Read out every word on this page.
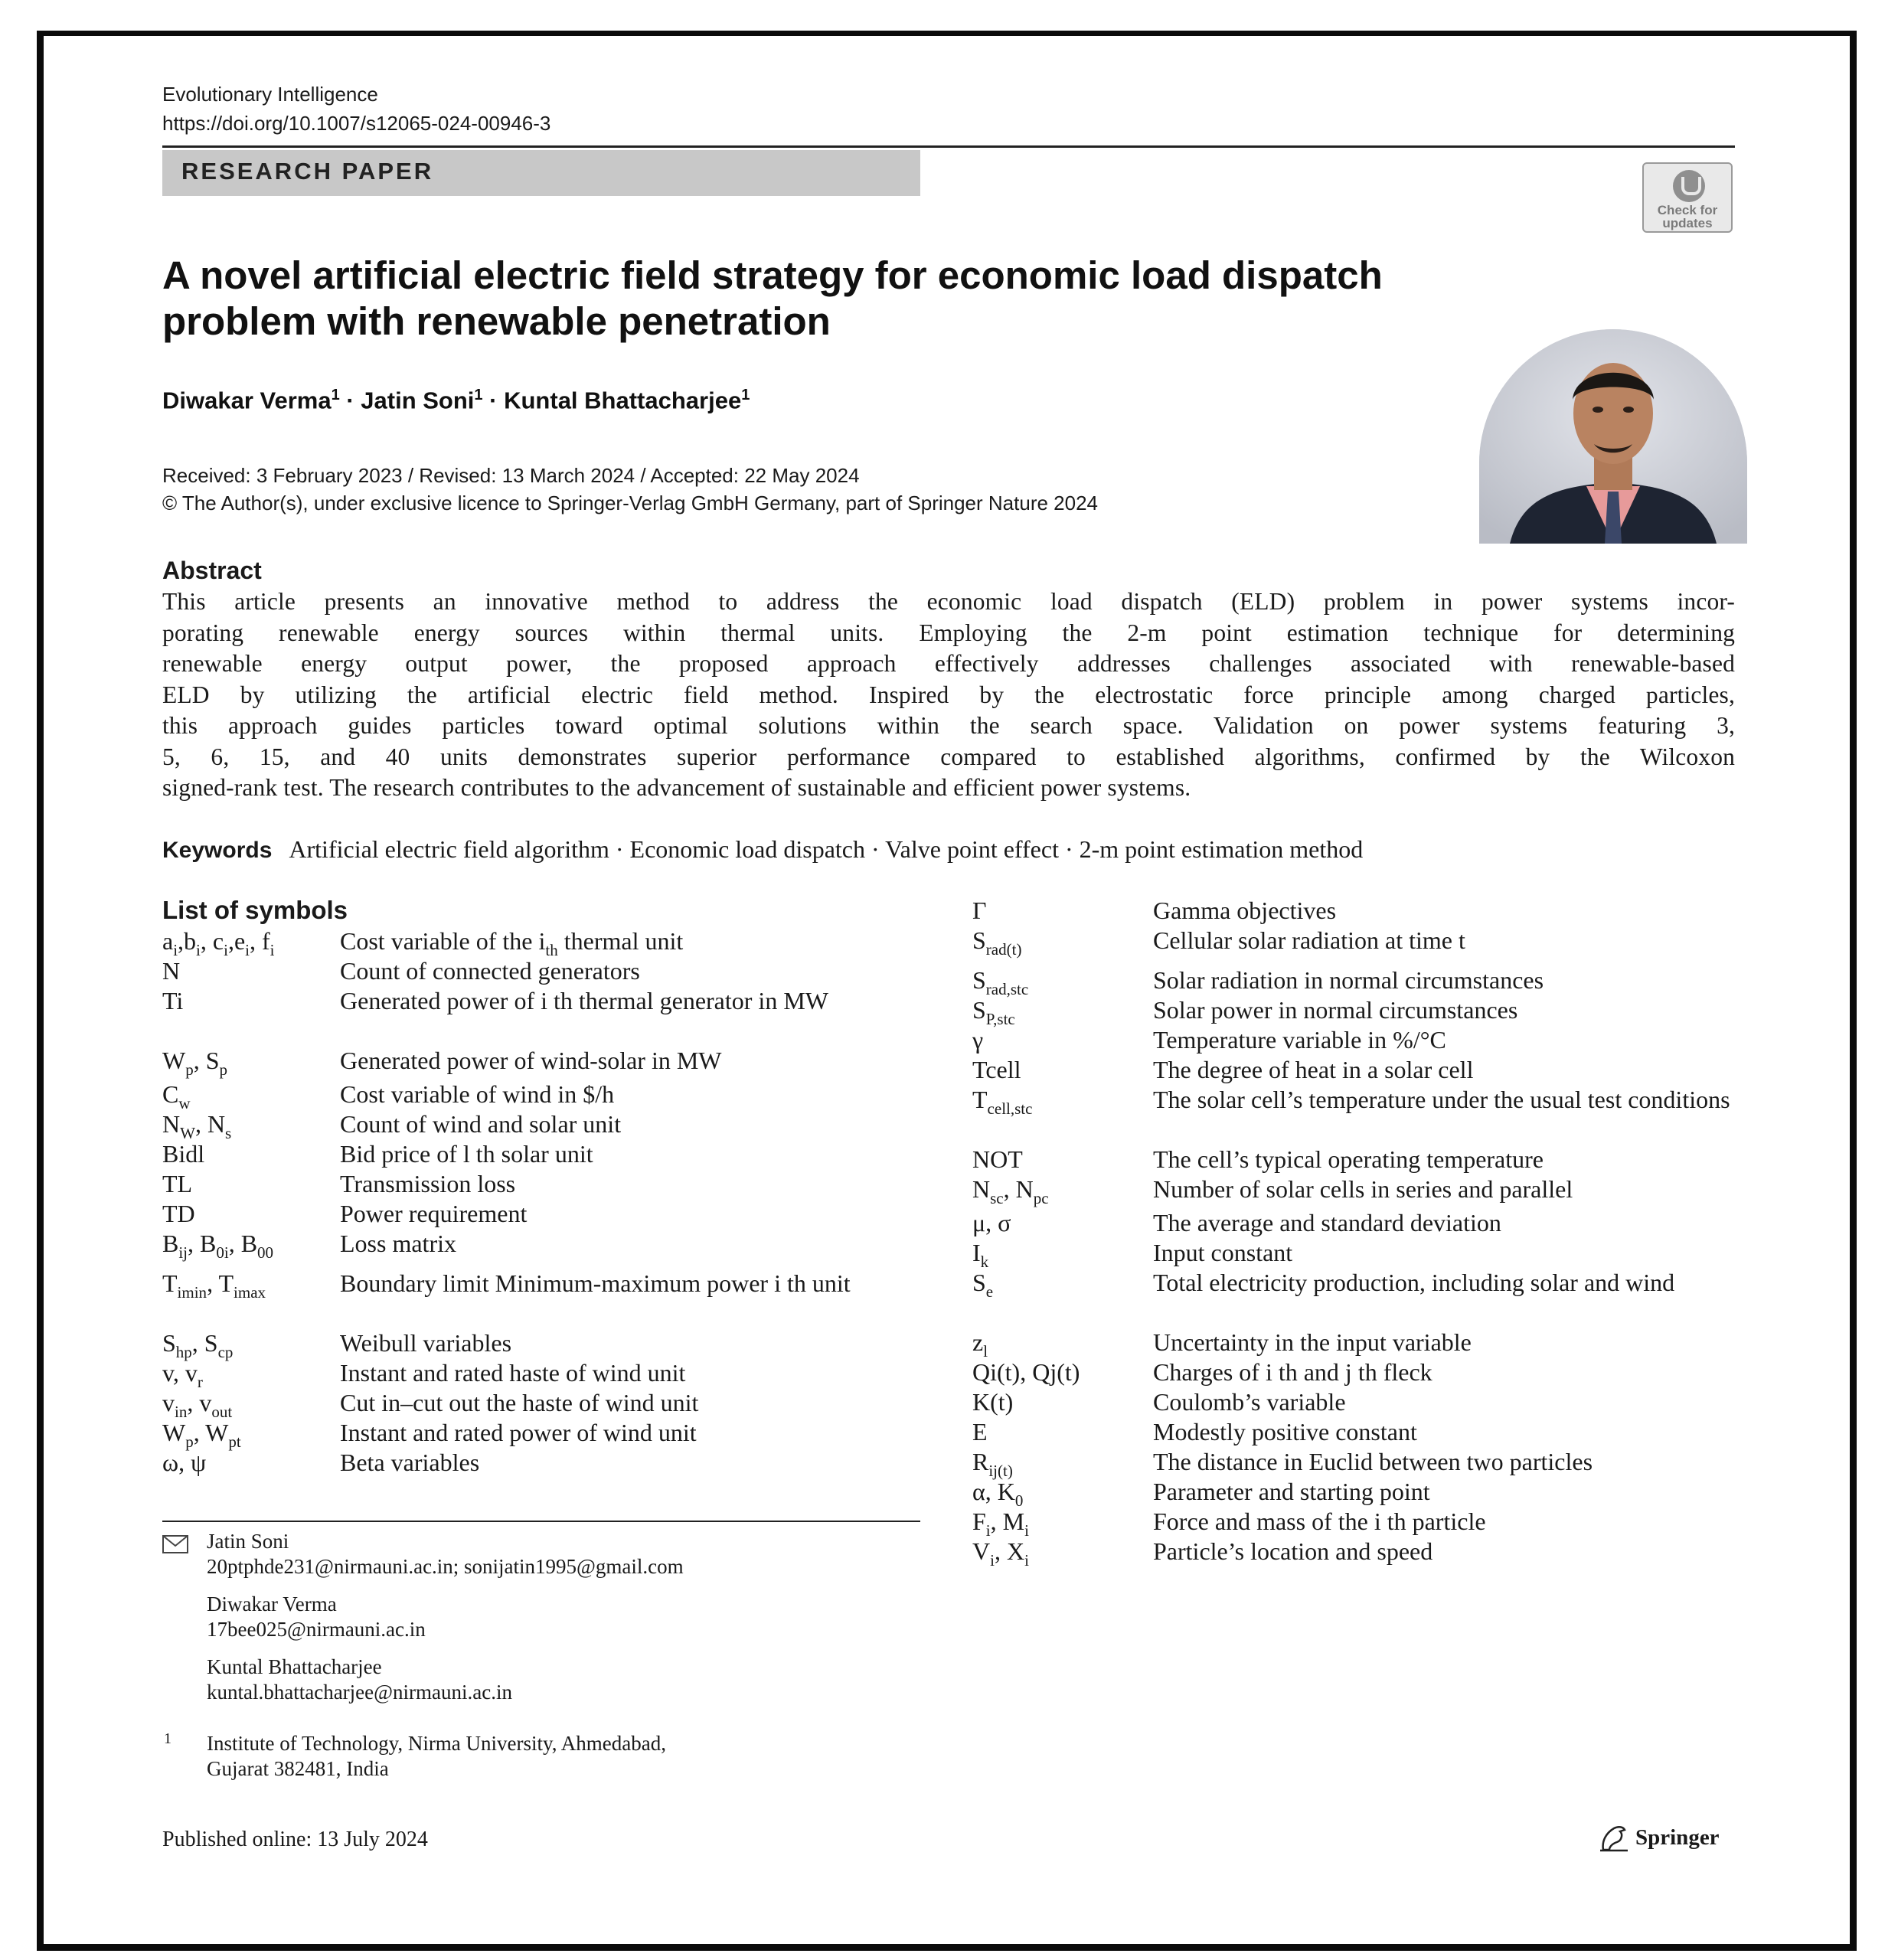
Evolutionary Intelligence
https://doi.org/10.1007/s12065-024-00946-3
RESEARCH PAPER
Check for
updates
A novel artificial electric field strategy for economic load dispatch
problem with renewable penetration
Diwakar Verma$^1$ · Jatin Soni$^1$ · Kuntal Bhattacharjee$^1$
Received: 3 February 2023 / Revised: 13 March 2024 / Accepted: 22 May 2024
© The Author(s), under exclusive licence to Springer-Verlag GmbH Germany, part of Springer Nature 2024
Abstract
This article presents an innovative method to address the economic load dispatch (ELD) problem in power systems incor-
porating renewable energy sources within thermal units. Employing the 2-m point estimation technique for determining
renewable energy output power, the proposed approach effectively addresses challenges associated with renewable-based
ELD by utilizing the artificial electric field method. Inspired by the electrostatic force principle among charged particles,
this approach guides particles toward optimal solutions within the search space. Validation on power systems featuring 3,
5, 6, 15, and 40 units demonstrates superior performance compared to established algorithms, confirmed by the Wilcoxon
signed-rank test. The research contributes to the advancement of sustainable and efficient power systems.
Keywords Artificial electric field algorithm · Economic load dispatch · Valve point effect · 2-m point estimation method
List of symbols
$a_i,b_i$, $c_i,e_i$, $f_i$	Cost variable of the $i_{th}$ thermal unit
N	Count of connected generators
Ti	Generated power of i th thermal generator in MW
$W_p$, $S_p$	Generated power of wind-solar in MW
$C_w$	Cost variable of wind in $/h
$N_W$, $N_s$	Count of wind and solar unit
Bidl	Bid price of l th solar unit
TL	Transmission loss
TD	Power requirement
$B_{ij}$, $B_{0i}$, $B_{00}$	Loss matrix
$T_{imin}$, $T_{imax}$	Boundary limit Minimum-maximum power i th unit
$S_{hp}$, $S_{cp}$	Weibull variables
v, $v_r$	Instant and rated haste of wind unit
$v_{in}$, $v_{out}$	Cut in–cut out the haste of wind unit
$W_p$, $W_{pt}$	Instant and rated power of wind unit
ω, ψ	Beta variables
Γ	Gamma objectives
$S_{rad(t)}$	Cellular solar radiation at time t
$S_{rad,stc}$	Solar radiation in normal circumstances
$S_{P,stc}$	Solar power in normal circumstances
γ	Temperature variable in %/°C
Tcell	The degree of heat in a solar cell
$T_{cell,stc}$	The solar cell’s temperature under the usual test conditions
NOT	The cell’s typical operating temperature
$N_{sc}$, $N_{pc}$	Number of solar cells in series and parallel
μ, σ	The average and standard deviation
$I_k$	Input constant
$S_e$	Total electricity production, including solar and wind
$z_l$	Uncertainty in the input variable
Qi(t), Qj(t)	Charges of i th and j th fleck
K(t)	Coulomb’s variable
E	Modestly positive constant
$R_{ij(t)}$	The distance in Euclid between two particles
α, $K_0$	Parameter and starting point
$F_i$, $M_i$	Force and mass of the i th particle
$V_i$, $X_i$	Particle’s location and speed
Jatin Soni
20ptphde231@nirmauni.ac.in; sonijatin1995@gmail.com
Diwakar Verma
17bee025@nirmauni.ac.in
Kuntal Bhattacharjee
kuntal.bhattacharjee@nirmauni.ac.in
1 Institute of Technology, Nirma University, Ahmedabad,
Gujarat 382481, India
Published online: 13 July 2024	Springer
